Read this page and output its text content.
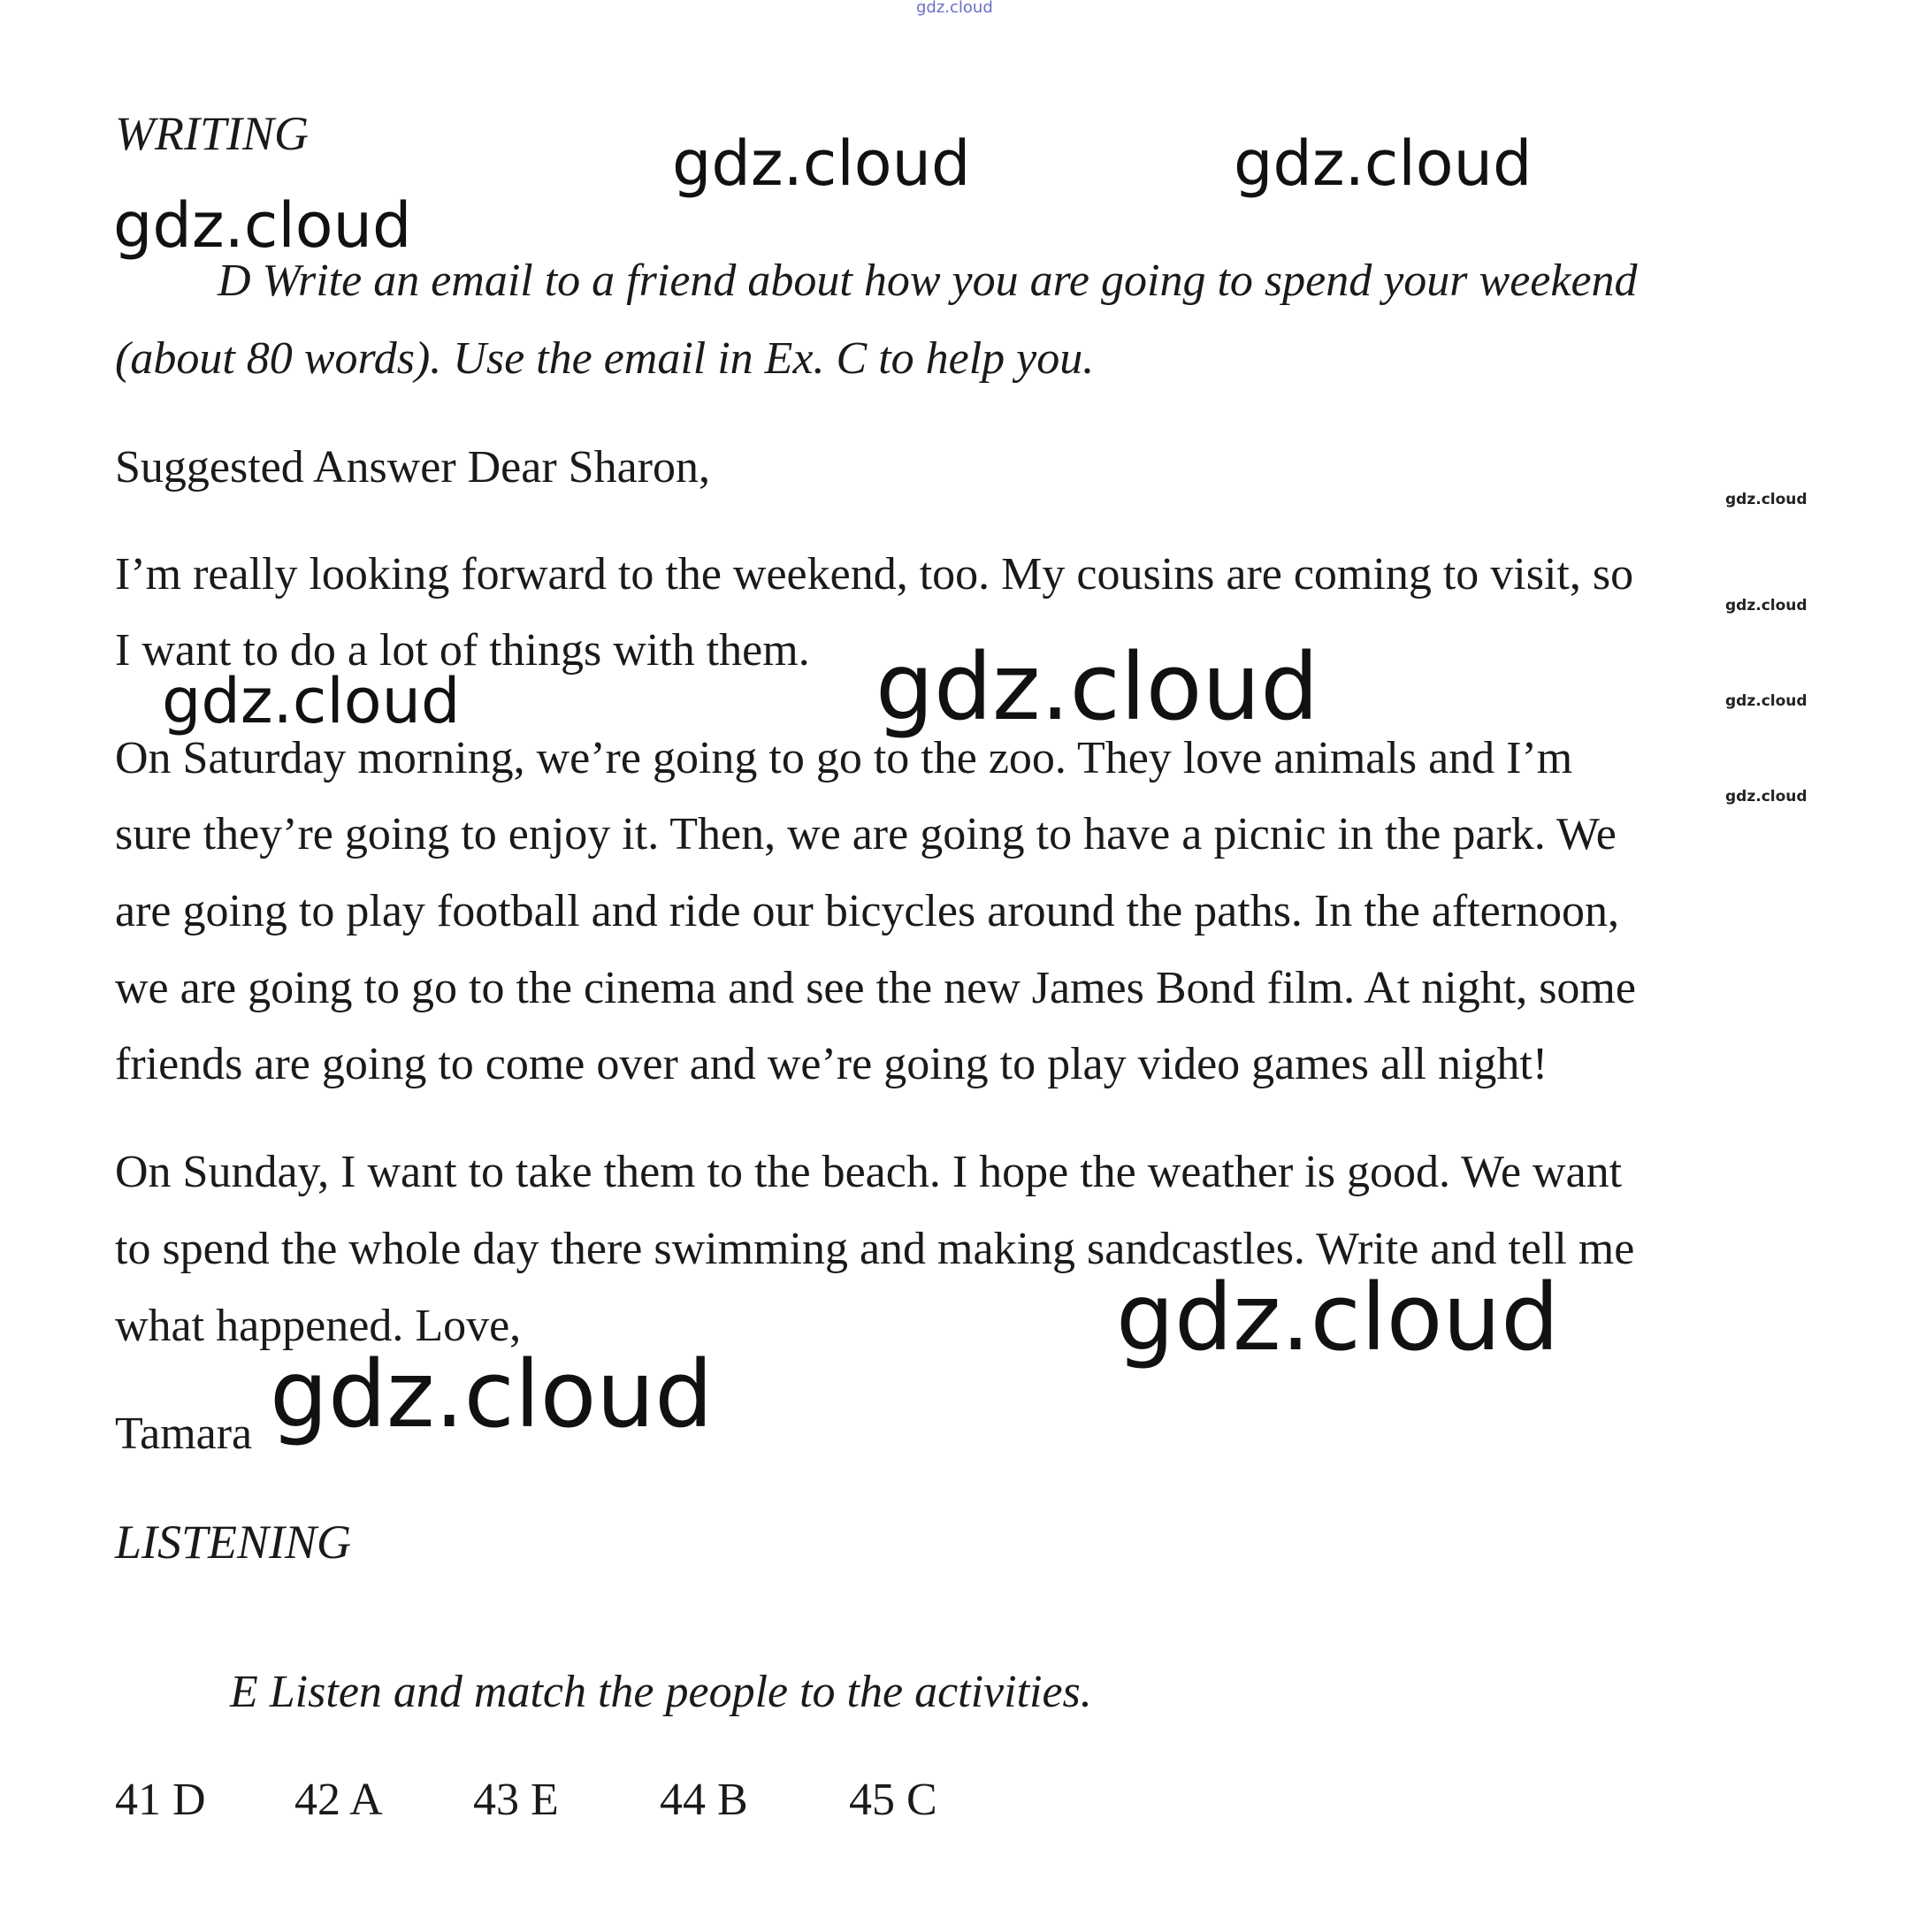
gdz.cloud
gdz.cloud	gdz.cloud
gdz.cloud
gdz.cloud
gdz.cloud
gdz.cloud
gdz.cloud
gdz.cloud
gdz.cloud
gdz.cloud
gdz.cloud
WRITING
D Write an email to a friend about how you are going to spend your weekend
(about 80 words). Use the email in Ex. C to help you.
Suggested Answer Dear Sharon,
I’m really looking forward to the weekend, too. My cousins are coming to visit, so
I want to do a lot of things with them.
On Saturday morning, we’re going to go to the zoo. They love animals and I’m
sure they’re going to enjoy it. Then, we are going to have a picnic in the park. We
are going to play football and ride our bicycles around the paths. In the afternoon,
we are going to go to the cinema and see the new James Bond film. At night, some
friends are going to come over and we’re going to play video games all night!
On Sunday, I want to take them to the beach. I hope the weather is good. We want
to spend the whole day there swimming and making sandcastles. Write and tell me
what happened. Love,
Tamara
LISTENING
E Listen and match the people to the activities.
41 D 42 A 43 E 44 B 45 C
